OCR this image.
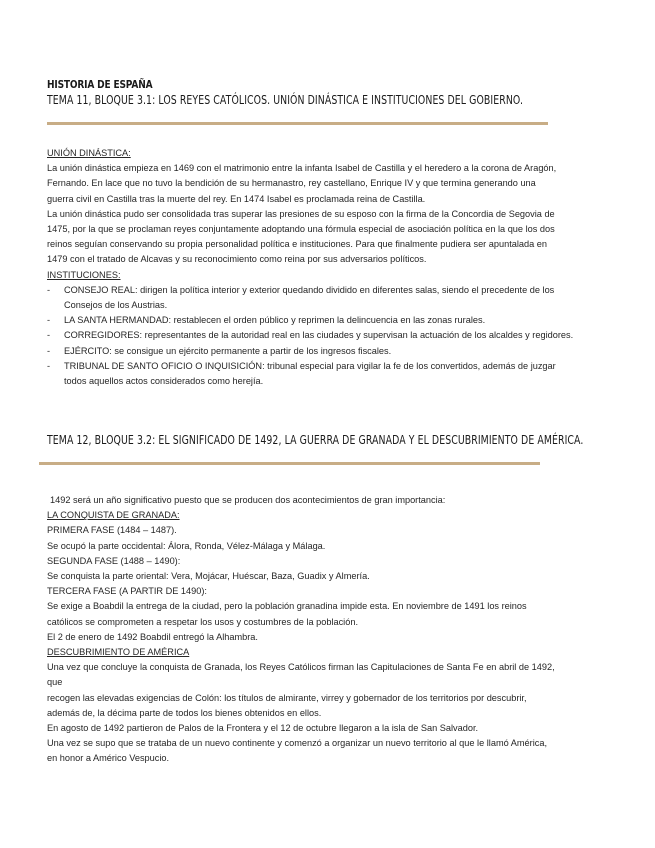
HISTORIA DE ESPAÑA
TEMA 11, BLOQUE 3.1: LOS REYES CATÓLICOS. UNIÓN DINÁSTICA E INSTITUCIONES DEL GOBIERNO.
UNIÓN DINÁSTICA:
La unión dinástica empieza en 1469 con el matrimonio entre la infanta Isabel de Castilla y el heredero a la corona de Aragón,
Fernando. En lace que no tuvo la bendición de su hermanastro, rey castellano, Enrique IV y que termina generando una
guerra civil en Castilla tras la muerte del rey. En 1474 Isabel es proclamada reina de Castilla.
La unión dinástica pudo ser consolidada tras superar las presiones de su esposo con la firma de la Concordia de Segovia de
1475, por la que se proclaman reyes conjuntamente adoptando una fórmula especial de asociación política en la que los dos
reinos seguían conservando su propia personalidad política e instituciones. Para que finalmente pudiera ser apuntalada en
1479 con el tratado de Alcavas y su reconocimiento como reina por sus adversarios políticos.
INSTITUCIONES:
- CONSEJO REAL: dirigen la política interior y exterior quedando dividido en diferentes salas, siendo el precedente de los
Consejos de los Austrias.
- LA SANTA HERMANDAD: restablecen el orden público y reprimen la delincuencia en las zonas rurales.
- CORREGIDORES: representantes de la autoridad real en las ciudades y supervisan la actuación de los alcaldes y regidores.
- EJÉRCITO: se consigue un ejército permanente a partir de los ingresos fiscales.
- TRIBUNAL DE SANTO OFICIO O INQUISICIÓN: tribunal especial para vigilar la fe de los convertidos, además de juzgar
todos aquellos actos considerados como herejía.
TEMA 12, BLOQUE 3.2: EL SIGNIFICADO DE 1492, LA GUERRA DE GRANADA Y EL DESCUBRIMIENTO DE AMÉRICA.
1492 será un año significativo puesto que se producen dos acontecimientos de gran importancia:
LA CONQUISTA DE GRANADA:
PRIMERA FASE (1484 – 1487).
Se ocupó la parte occidental: Álora, Ronda, Vélez-Málaga y Málaga.
SEGUNDA FASE (1488 – 1490):
Se conquista la parte oriental: Vera, Mojácar, Huéscar, Baza, Guadix y Almería.
TERCERA FASE (A PARTIR DE 1490):
Se exige a Boabdil la entrega de la ciudad, pero la población granadina impide esta. En noviembre de 1491 los reinos
católicos se comprometen a respetar los usos y costumbres de la población.
El 2 de enero de 1492 Boabdil entregó la Alhambra.
DESCUBRIMIENTO DE AMÉRICA
Una vez que concluye la conquista de Granada, los Reyes Católicos firman las Capitulaciones de Santa Fe en abril de 1492,
que
recogen las elevadas exigencias de Colón: los títulos de almirante, virrey y gobernador de los territorios por descubrir,
además de, la décima parte de todos los bienes obtenidos en ellos.
En agosto de 1492 partieron de Palos de la Frontera y el 12 de octubre llegaron a la isla de San Salvador.
Una vez se supo que se trataba de un nuevo continente y comenzó a organizar un nuevo territorio al que le llamó América,
en honor a Américo Vespucio.
